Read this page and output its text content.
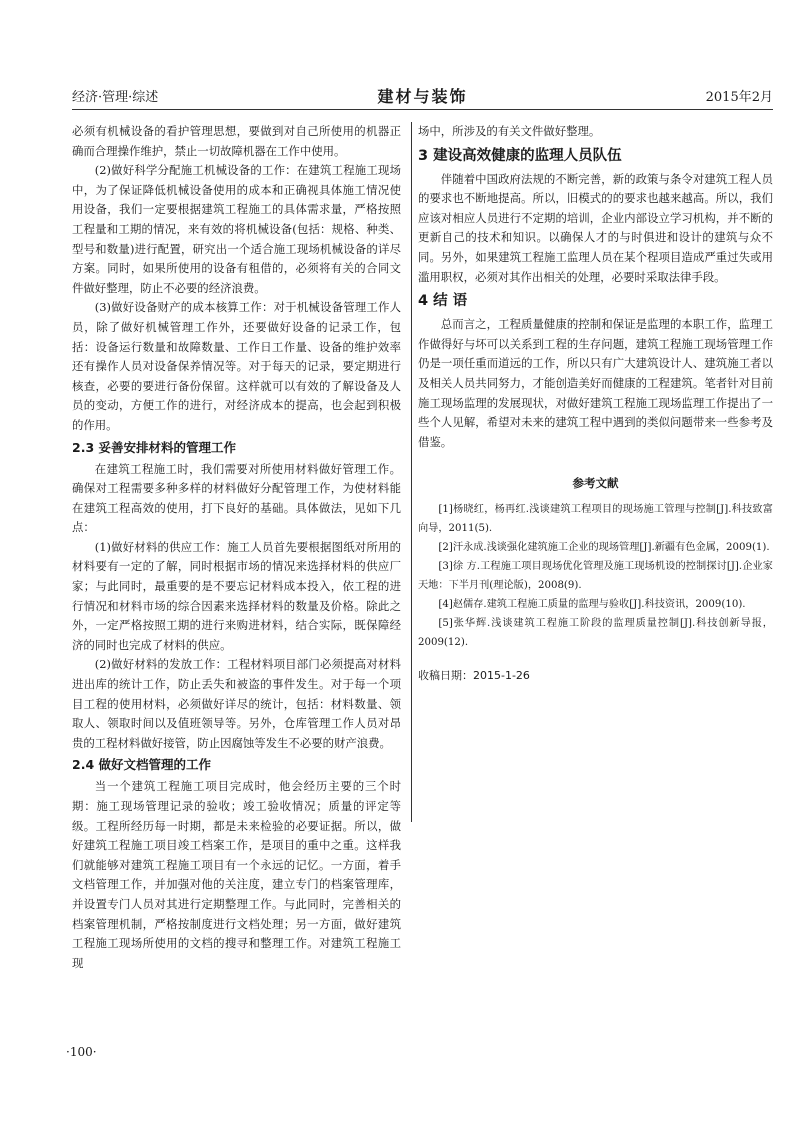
经济·管理·综述	建材与装饰	2015年2月

必须有机械设备的看护管理思想，要做到对自己所使用的机器正确而合理操作维护，禁止一切故障机器在工作中使用。

(2)做好科学分配施工机械设备的工作：在建筑工程施工现场中，为了保证降低机械设备使用的成本和正确视具体施工情况使用设备，我们一定要根据建筑工程施工的具体需求量，严格按照工程量和工期的情况，来有效的将机械设备(包括：规格、种类、型号和数量)进行配置，研究出一个适合施工现场机械设备的详尽方案。同时，如果所使用的设备有租借的，必须将有关的合同文件做好整理，防止不必要的经济浪费。

(3)做好设备财产的成本核算工作：对于机械设备管理工作人员，除了做好机械管理工作外，还要做好设备的记录工作，包括：设备运行数量和故障数量、工作日工作量、设备的维护效率还有操作人员对设备保养情况等。对于每天的记录，要定期进行核查，必要的要进行备份保留。这样就可以有效的了解设备及人员的变动，方便工作的进行，对经济成本的提高，也会起到积极的作用。

2.3 妥善安排材料的管理工作

在建筑工程施工时，我们需要对所使用材料做好管理工作。确保对工程需要多种多样的材料做好分配管理工作，为使材料能在建筑工程高效的使用，打下良好的基础。具体做法，见如下几点：

(1)做好材料的供应工作：施工人员首先要根据图纸对所用的材料要有一定的了解，同时根据市场的情况来选择材料的供应厂家；与此同时，最重要的是不要忘记材料成本投入，依工程的进行情况和材料市场的综合因素来选择材料的数量及价格。除此之外，一定严格按照工期的进行来购进材料，结合实际，既保障经济的同时也完成了材料的供应。

(2)做好材料的发放工作：工程材料项目部门必须提高对材料进出库的统计工作，防止丢失和被盗的事件发生。对于每一个项目工程的使用材料，必须做好详尽的统计，包括：材料数量、领取人、领取时间以及值班领导等。另外，仓库管理工作人员对昂贵的工程材料做好接管，防止因腐蚀等发生不必要的财产浪费。

2.4 做好文档管理的工作

当一个建筑工程施工项目完成时，他会经历主要的三个时期：施工现场管理记录的验收；竣工验收情况；质量的评定等级。工程所经历每一时期，都是未来检验的必要证据。所以，做好建筑工程施工项目竣工档案工作，是项目的重中之重。这样我们就能够对建筑工程施工项目有一个永远的记忆。一方面，着手文档管理工作，并加强对他的关注度，建立专门的档案管理库，并设置专门人员对其进行定期整理工作。与此同时，完善相关的档案管理机制，严格按制度进行文档处理；另一方面，做好建筑工程施工现场所使用的文档的搜寻和整理工作。对建筑工程施工现

场中，所涉及的有关文件做好整理。

3 建设高效健康的监理人员队伍

伴随着中国政府法规的不断完善，新的政策与条令对建筑工程人员的要求也不断地提高。所以，旧模式的的要求也越来越高。所以，我们应该对相应人员进行不定期的培训，企业内部设立学习机构，并不断的更新自己的技术和知识。以确保人才的与时俱进和设计的建筑与众不同。另外，如果建筑工程施工监理人员在某个程项目造成严重过失或用滥用职权，必须对其作出相关的处理，必要时采取法律手段。

4 结 语

总而言之，工程质量健康的控制和保证是监理的本职工作，监理工作做得好与坏可以关系到工程的生存问题，建筑工程施工现场管理工作仍是一项任重而道远的工作，所以只有广大建筑设计人、建筑施工者以及相关人员共同努力，才能创造美好而健康的工程建筑。笔者针对目前施工现场监理的发展现状，对做好建筑工程施工现场监理工作提出了一些个人见解，希望对未来的建筑工程中遇到的类似问题带来一些参考及借鉴。

参考文献

[1]杨晓红，杨再红.浅谈建筑工程项目的现场施工管理与控制[J].科技致富向导，2011(5).

[2]汗永成.浅谈强化建筑施工企业的现场管理[J].新疆有色金属，2009(1).

[3]徐 方.工程施工项目现场优化管理及施工现场机设的控制探讨[J].企业家天地：下半月刊(理论版)，2008(9).

[4]赵儒存.建筑工程施工质量的监理与验收[J].科技资讯，2009(10).

[5]张华辉.浅谈建筑工程施工阶段的监理质量控制[J].科技创新导报，2009(12).

收稿日期：2015-1-26
·100·
